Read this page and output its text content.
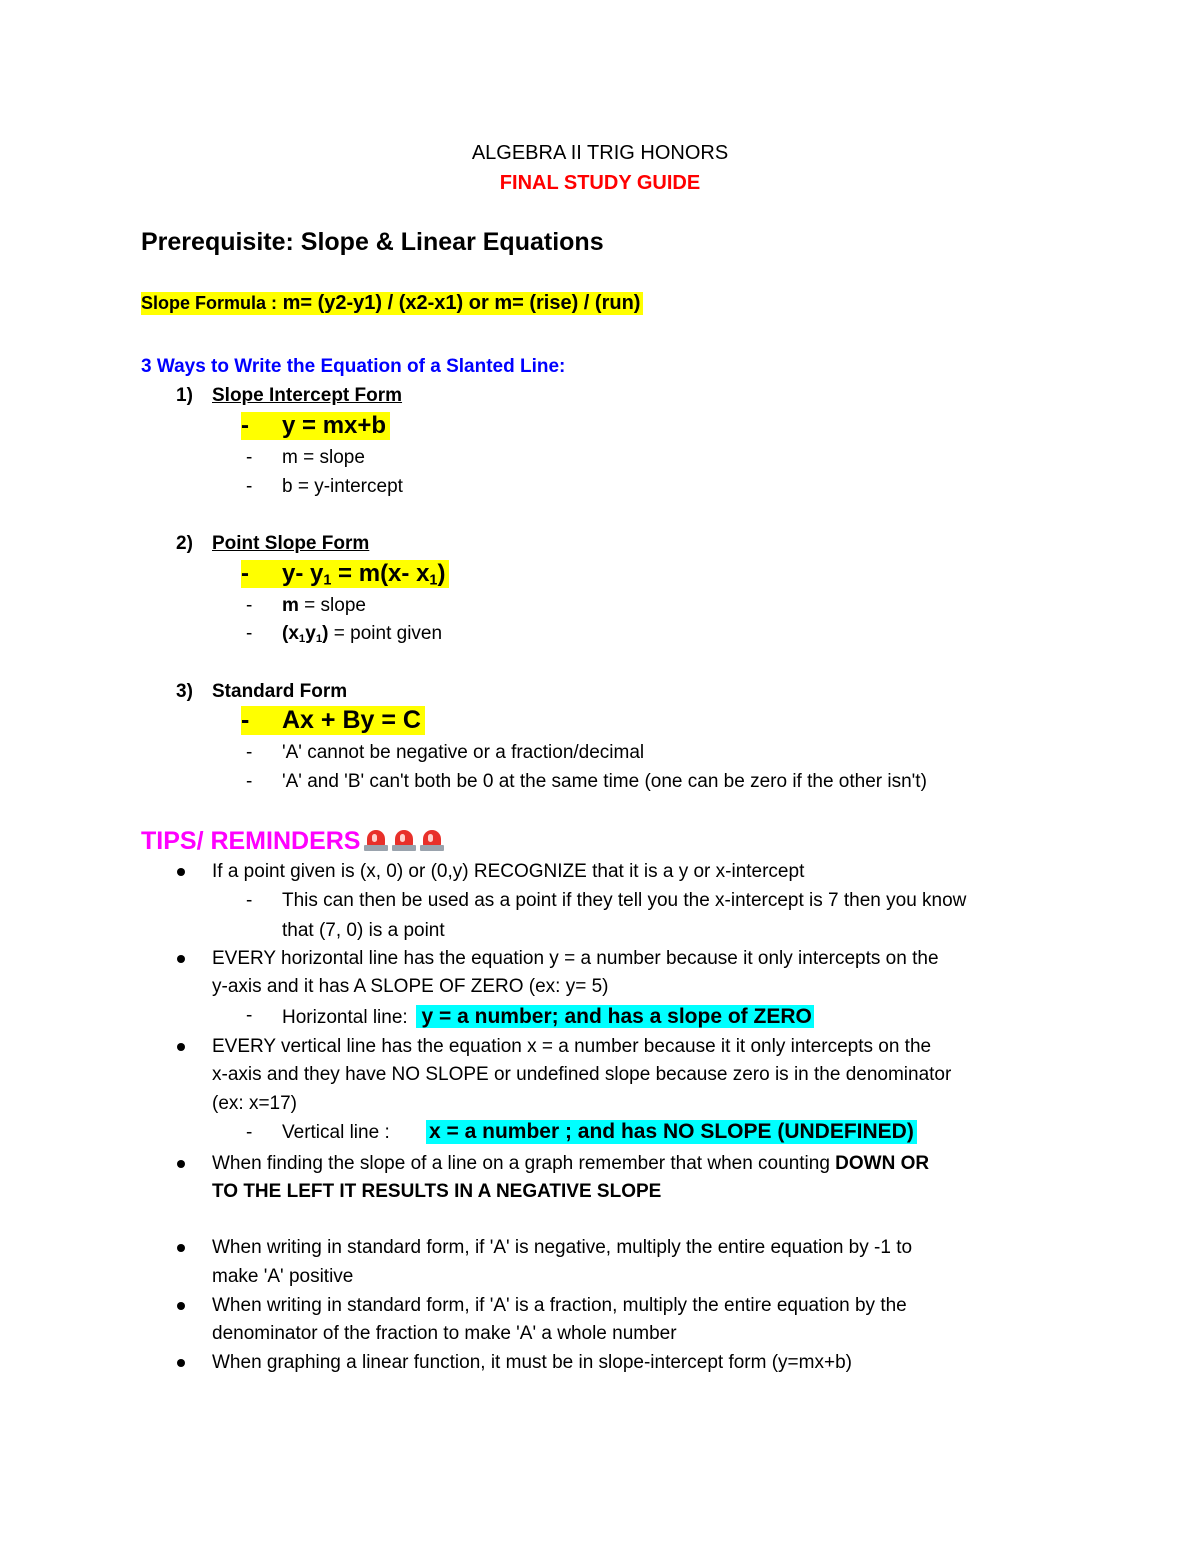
ALGEBRA II TRIG HONORS
FINAL STUDY GUIDE
Prerequisite: Slope & Linear Equations
Slope Formula : m= (y2-y1) / (x2-x1) or m= (rise) / (run)
3 Ways to Write the Equation of a Slanted Line:
1) Slope Intercept Form
- y = mx+b
- m = slope
- b = y-intercept
2) Point Slope Form
- y- $y_1 = m(x-$ $x_1$)
- m = slope
- $(x_1y_1)$ = point given
3) Standard Form
- Ax + By = C
- 'A' cannot be negative or a fraction/decimal
- 'A' and 'B' can't both be 0 at the same time (one can be zero if the other isn't)
TIPS/ REMINDERS
If a point given is (x, 0) or (0,y) RECOGNIZE that it is a y or x-intercept
- This can then be used as a point if they tell you the x-intercept is 7 then you know
that (7, 0) is a point
EVERY horizontal line has the equation y = a number because it only intercepts on the
y-axis and it has A SLOPE OF ZERO (ex: y= 5)
- Horizontal line: y = a number; and has a slope of ZERO
EVERY vertical line has the equation x = a number because it it only intercepts on the
x-axis and they have NO SLOPE or undefined slope because zero is in the denominator
(ex: x=17)
- Vertical line : x = a number ; and has NO SLOPE (UNDEFINED)
When finding the slope of a line on a graph remember that when counting DOWN OR
TO THE LEFT IT RESULTS IN A NEGATIVE SLOPE
When writing in standard form, if 'A' is negative, multiply the entire equation by -1 to
make 'A' positive
When writing in standard form, if 'A' is a fraction, multiply the entire equation by the
denominator of the fraction to make 'A' a whole number
When graphing a linear function, it must be in slope-intercept form (y=mx+b)
